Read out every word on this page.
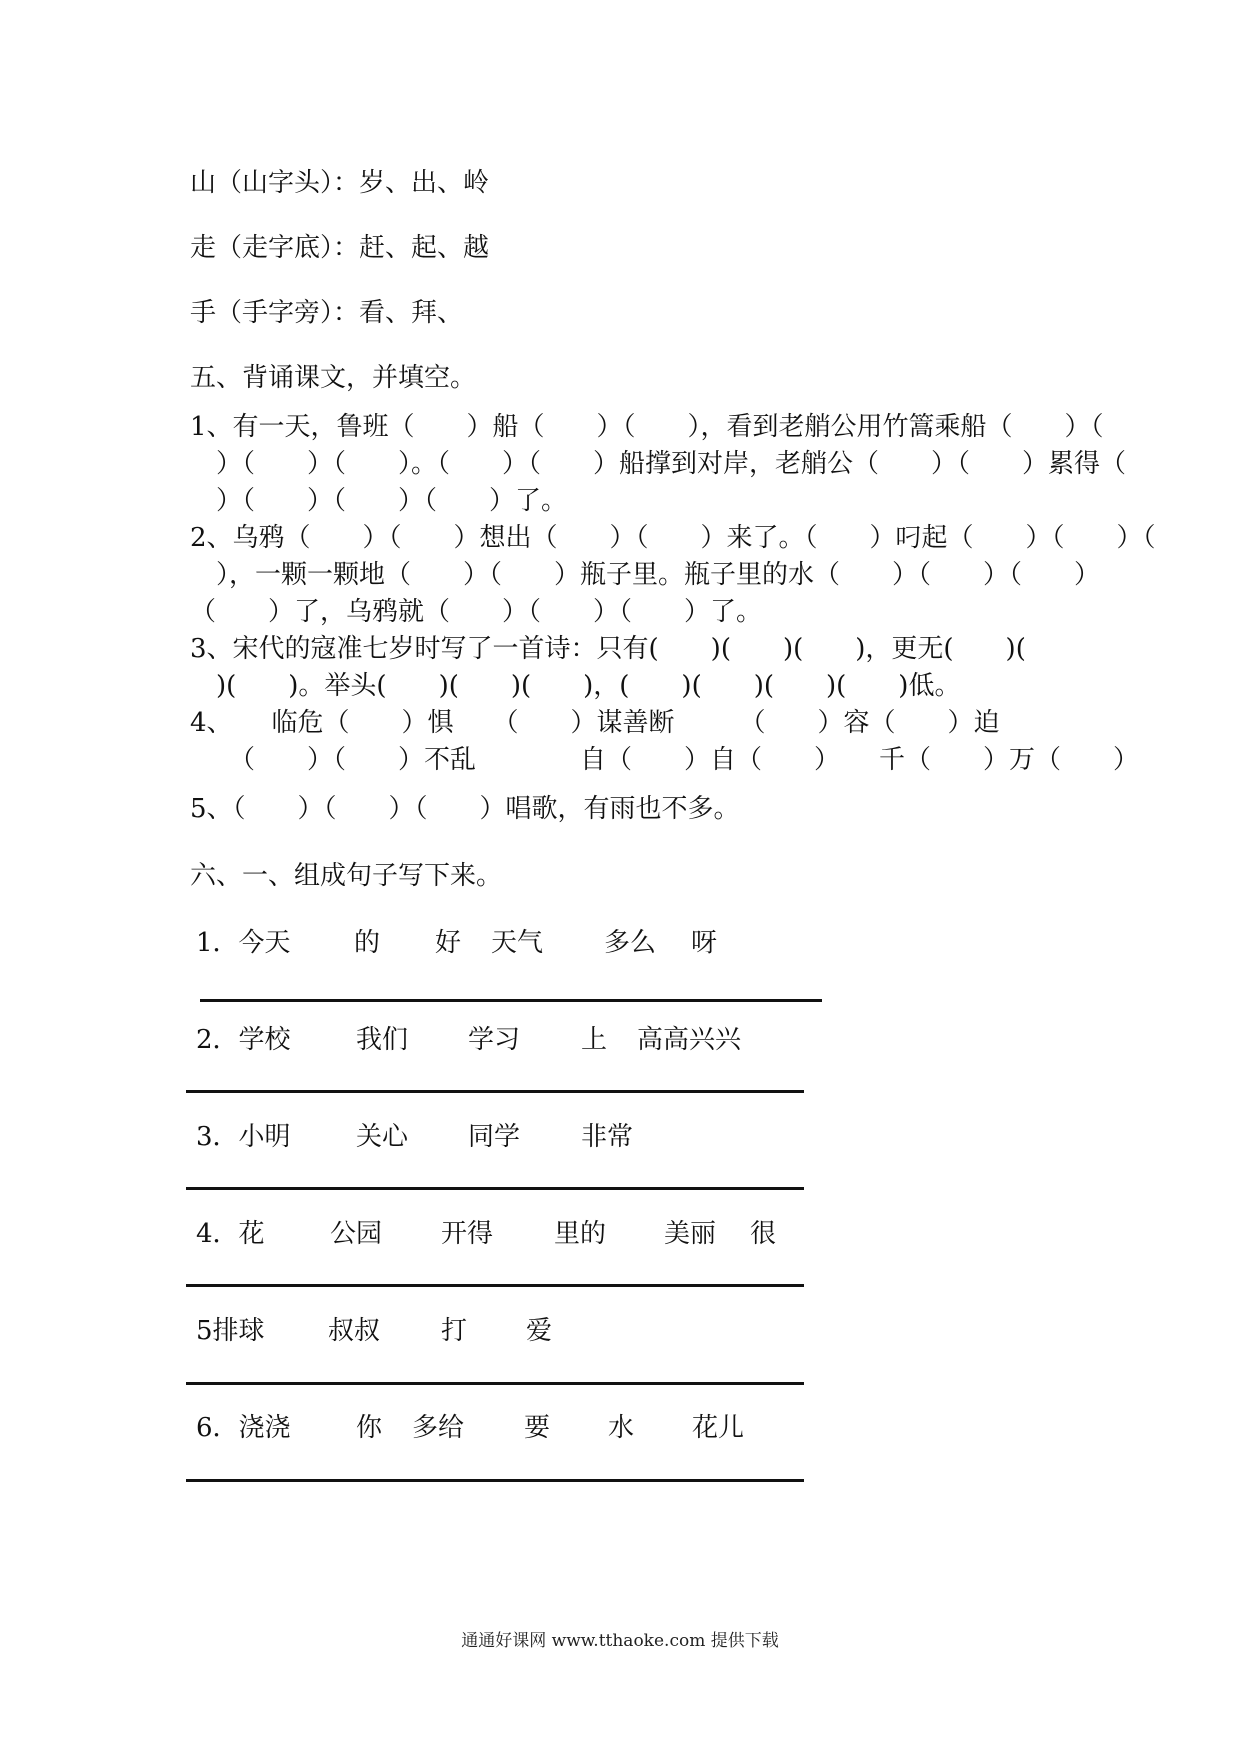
山（山字头）：岁、出、岭
走（走字底）：赶、起、越
手（手字旁）：看、拜、
五、背诵课文，并填空。
1、有一天，鲁班（　　）船（　　）（　　），看到老艄公用竹篙乘船（　　）（
　）（　　）（　　）。（　　）（　　）船撑到对岸，老艄公（　　）（　　）累得（
　）（　　）（　　）（　　）了。
2、乌鸦（　　）（　　）想出（　　）（　　）来了。（　　）叼起（　　）（　　）（
　），一颗一颗地（　　）（　　）瓶子里。瓶子里的水（　　）（　　）（　　）
（　　）了，乌鸦就（　　）（　　）（　　）了。
3、宋代的寇准七岁时写了一首诗：只有(　　)(　　)(　　)，更无(　　)(
　)(　　)。举头(　　)(　　)(　　)，(　　)(　　)(　　)(　　)低。
4、　　临危（　　）惧　　（　　）谋善断　　　（　　）容（　　）迫
　　（　　）（　　）不乱　　　　自（　　）自（　　）　　千（　　）万（　　）
5、（　　）（　　）（　　）唱歌，有雨也不多。
六、一、组成句子写下来。
1．今天 的 好 天气 多么 呀
2．学校	我们 学习 上 高高兴兴
3．小明	关心 同学 非常
4．花	公园 开得 里的 美丽 很
5排球 叔叔 打 爱
6．浇浇	你 多给 要 水 花儿
通通好课网 www.tthaoke.com 提供下载
